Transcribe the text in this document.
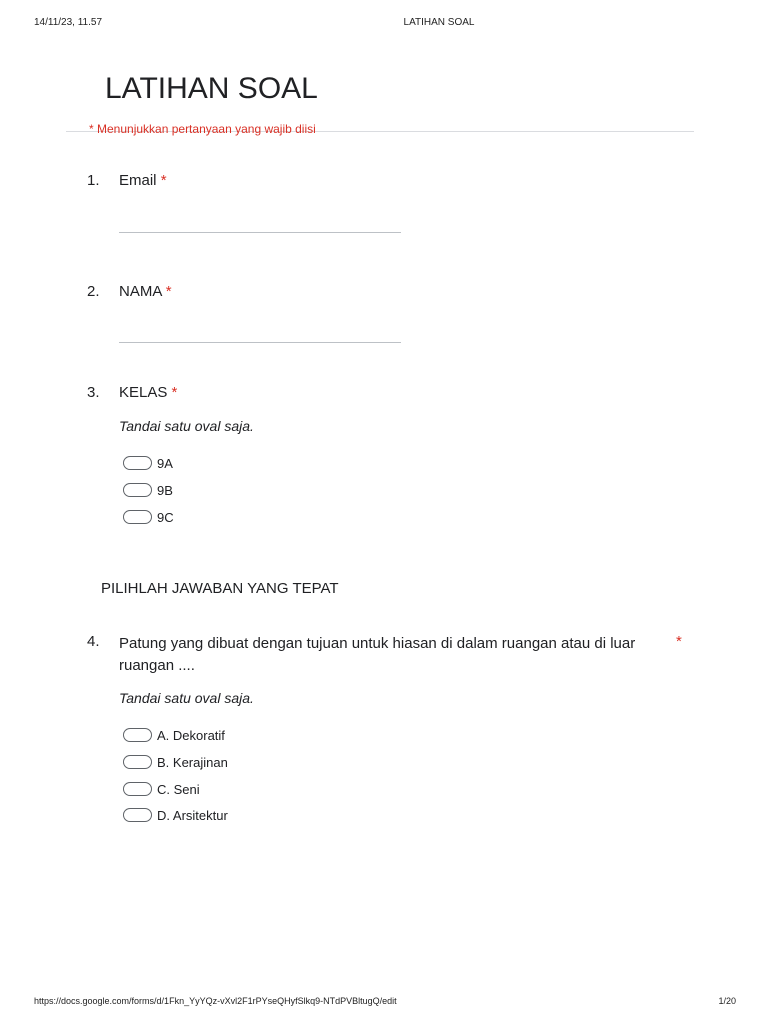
14/11/23, 11.57	LATIHAN SOAL
LATIHAN SOAL
* Menunjukkan pertanyaan yang wajib diisi
1. Email *
2. NAMA *
3. KELAS *
Tandai satu oval saja.
9A
9B
9C
PILIHLAH JAWABAN YANG TEPAT
4. Patung yang dibuat dengan tujuan untuk hiasan di dalam ruangan atau di luar ruangan ....
*
Tandai satu oval saja.
A. Dekoratif
B. Kerajinan
C. Seni
D. Arsitektur
https://docs.google.com/forms/d/1Fkn_YyYQz-vXvl2F1rPYseQHyfSlkq9-NTdPVBltugQ/edit	1/20
